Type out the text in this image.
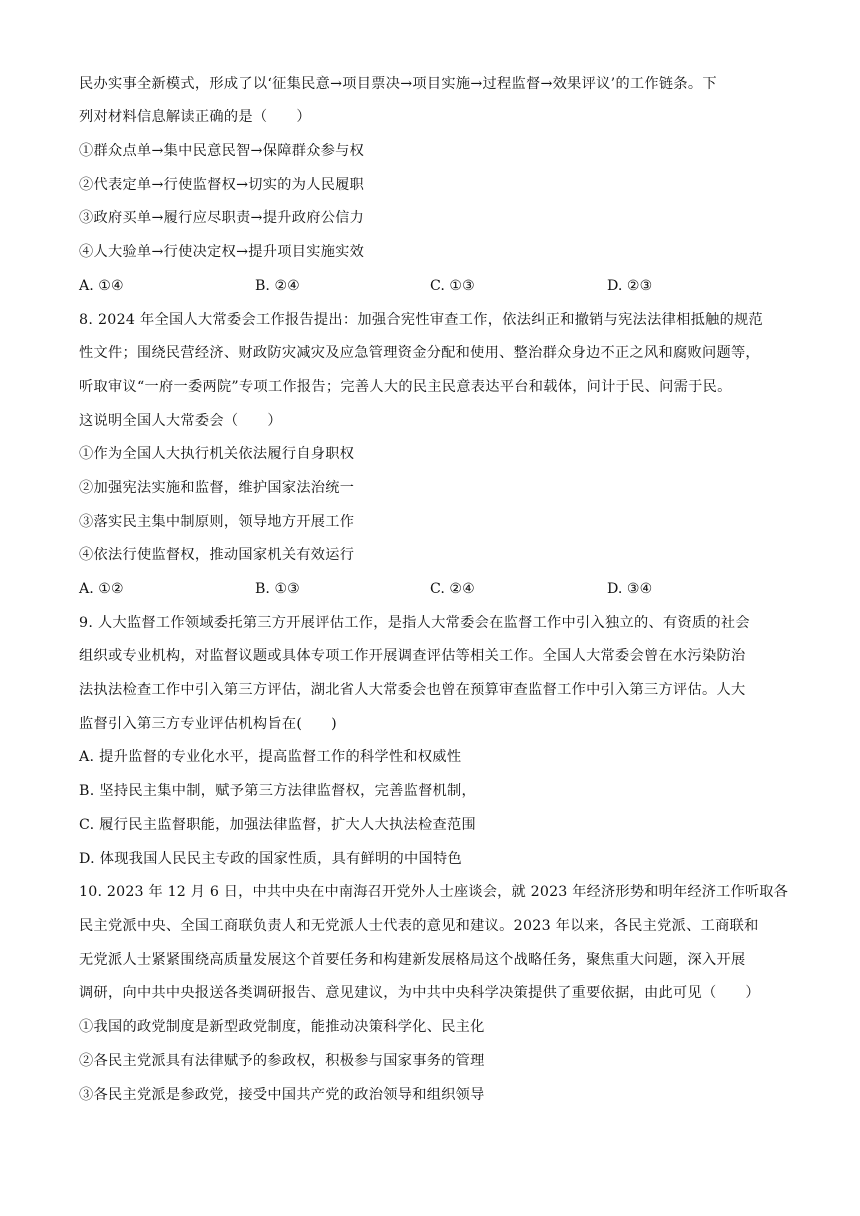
民办实事全新模式，形成了以‘征集民意→项目票决→项目实施→过程监督→效果评议’的工作链条。下
列对材料信息解读正确的是（　　）
①群众点单→集中民意民智→保障群众参与权
②代表定单→行使监督权→切实的为人民履职
③政府买单→履行应尽职责→提升政府公信力
④人大验单→行使决定权→提升项目实施实效
A. ①④	B. ②④	C. ①③	D. ②③
8. 2024 年全国人大常委会工作报告提出：加强合宪性审查工作，依法纠正和撤销与宪法法律相抵触的规范
性文件；围绕民营经济、财政防灾减灾及应急管理资金分配和使用、整治群众身边不正之风和腐败问题等，
听取审议“一府一委两院”专项工作报告；完善人大的民主民意表达平台和载体，问计于民、问需于民。
这说明全国人大常委会（　　）
①作为全国人大执行机关依法履行自身职权
②加强宪法实施和监督，维护国家法治统一
③落实民主集中制原则，领导地方开展工作
④依法行使监督权，推动国家机关有效运行
A. ①②	B. ①③	C. ②④	D. ③④
9. 人大监督工作领域委托第三方开展评估工作，是指人大常委会在监督工作中引入独立的、有资质的社会
组织或专业机构，对监督议题或具体专项工作开展调查评估等相关工作。全国人大常委会曾在水污染防治
法执法检查工作中引入第三方评估，湖北省人大常委会也曾在预算审查监督工作中引入第三方评估。人大
监督引入第三方专业评估机构旨在(　　)
A. 提升监督的专业化水平，提高监督工作的科学性和权威性
B. 坚持民主集中制，赋予第三方法律监督权，完善监督机制，
C. 履行民主监督职能，加强法律监督，扩大人大执法检查范围
D. 体现我国人民民主专政的国家性质，具有鲜明的中国特色
10. 2023 年 12 月 6 日，中共中央在中南海召开党外人士座谈会，就 2023 年经济形势和明年经济工作听取各
民主党派中央、全国工商联负责人和无党派人士代表的意见和建议。2023 年以来，各民主党派、工商联和
无党派人士紧紧围绕高质量发展这个首要任务和构建新发展格局这个战略任务，聚焦重大问题，深入开展
调研，向中共中央报送各类调研报告、意见建议，为中共中央科学决策提供了重要依据，由此可见（　　）
①我国的政党制度是新型政党制度，能推动决策科学化、民主化
②各民主党派具有法律赋予的参政权，积极参与国家事务的管理
③各民主党派是参政党，接受中国共产党的政治领导和组织领导
